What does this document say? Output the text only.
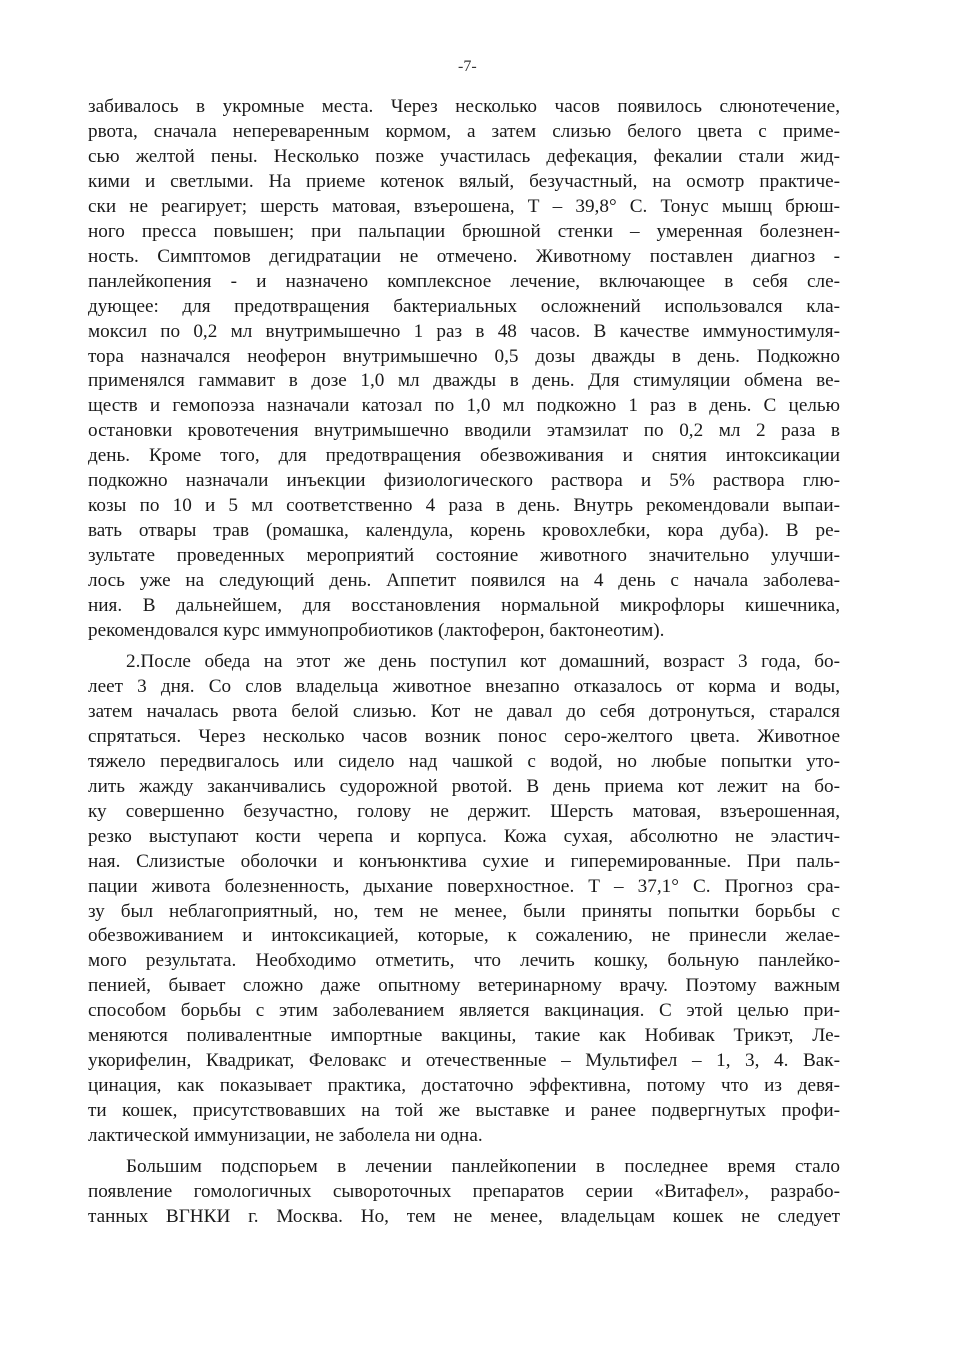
-7-
забивалось в укромные места. Через несколько часов появилось слюнотечение,
рвота, сначала непереваренным кормом, а затем слизью белого цвета с приме-
сью желтой пены. Несколько позже участилась дефекация, фекалии стали жид-
кими и светлыми. На приеме котенок вялый, безучастный, на осмотр практиче-
ски не реагирует; шерсть матовая, взъерошена, Т – 39,8° С. Тонус мышц брюш-
ного пресса повышен; при пальпации брюшной стенки – умеренная болезнен-
ность. Симптомов дегидратации не отмечено. Животному поставлен диагноз -
панлейкопения - и назначено комплексное лечение, включающее в себя сле-
дующее: для предотвращения бактериальных осложнений использовался кла-
моксил по 0,2 мл внутримышечно 1 раз в 48 часов. В качестве иммуностимуля-
тора назначался неоферон внутримышечно 0,5 дозы дважды в день. Подкожно
применялся гаммавит в дозе 1,0 мл дважды в день. Для стимуляции обмена ве-
ществ и гемопоэза назначали катозал по 1,0 мл подкожно 1 раз в день. С целью
остановки кровотечения внутримышечно вводили этамзилат по 0,2 мл 2 раза в
день. Кроме того, для предотвращения обезвоживания и снятия интоксикации
подкожно назначали инъекции физиологического раствора и 5% раствора глю-
козы по 10 и 5 мл соответственно 4 раза в день. Внутрь рекомендовали выпаи-
вать отвары трав (ромашка, календула, корень кровохлебки, кора дуба). В ре-
зультате проведенных мероприятий состояние животного значительно улучши-
лось уже на следующий день. Аппетит появился на 4 день с начала заболева-
ния. В дальнейшем, для восстановления нормальной микрофлоры кишечника,
рекомендовался курс иммунопробиотиков (лактоферон, бактонеотим).
2.После обеда на этот же день поступил кот домашний, возраст 3 года, бо-
леет 3 дня. Со слов владельца животное внезапно отказалось от корма и воды,
затем началась рвота белой слизью. Кот не давал до себя дотронуться, старался
спрятаться. Через несколько часов возник понос серо-желтого цвета. Животное
тяжело передвигалось или сидело над чашкой с водой, но любые попытки уто-
лить жажду заканчивались судорожной рвотой. В день приема кот лежит на бо-
ку совершенно безучастно, голову не держит. Шерсть матовая, взъерошенная,
резко выступают кости черепа и корпуса. Кожа сухая, абсолютно не эластич-
ная. Слизистые оболочки и конъюнктива сухие и гиперемированные. При паль-
пации живота болезненность, дыхание поверхностное. Т – 37,1° С. Прогноз сра-
зу был неблагоприятный, но, тем не менее, были приняты попытки борьбы с
обезвоживанием и интоксикацией, которые, к сожалению, не принесли желае-
мого результата. Необходимо отметить, что лечить кошку, больную панлейко-
пенией, бывает сложно даже опытному ветеринарному врачу. Поэтому важным
способом борьбы с этим заболеванием является вакцинация. С этой целью при-
меняются поливалентные импортные вакцины, такие как Нобивак Трикэт, Ле-
укорифелин, Квадрикат, Феловакс и отечественные – Мультифел – 1, 3, 4. Вак-
цинация, как показывает практика, достаточно эффективна, потому что из девя-
ти кошек, присутствовавших на той же выставке и ранее подвергнутых профи-
лактической иммунизации, не заболела ни одна.
Большим подспорьем в лечении панлейкопении в последнее время стало
появление гомологичных сывороточных препаратов серии «Витафел», разрабо-
танных ВГНКИ г. Москва. Но, тем не менее, владельцам кошек не следует
